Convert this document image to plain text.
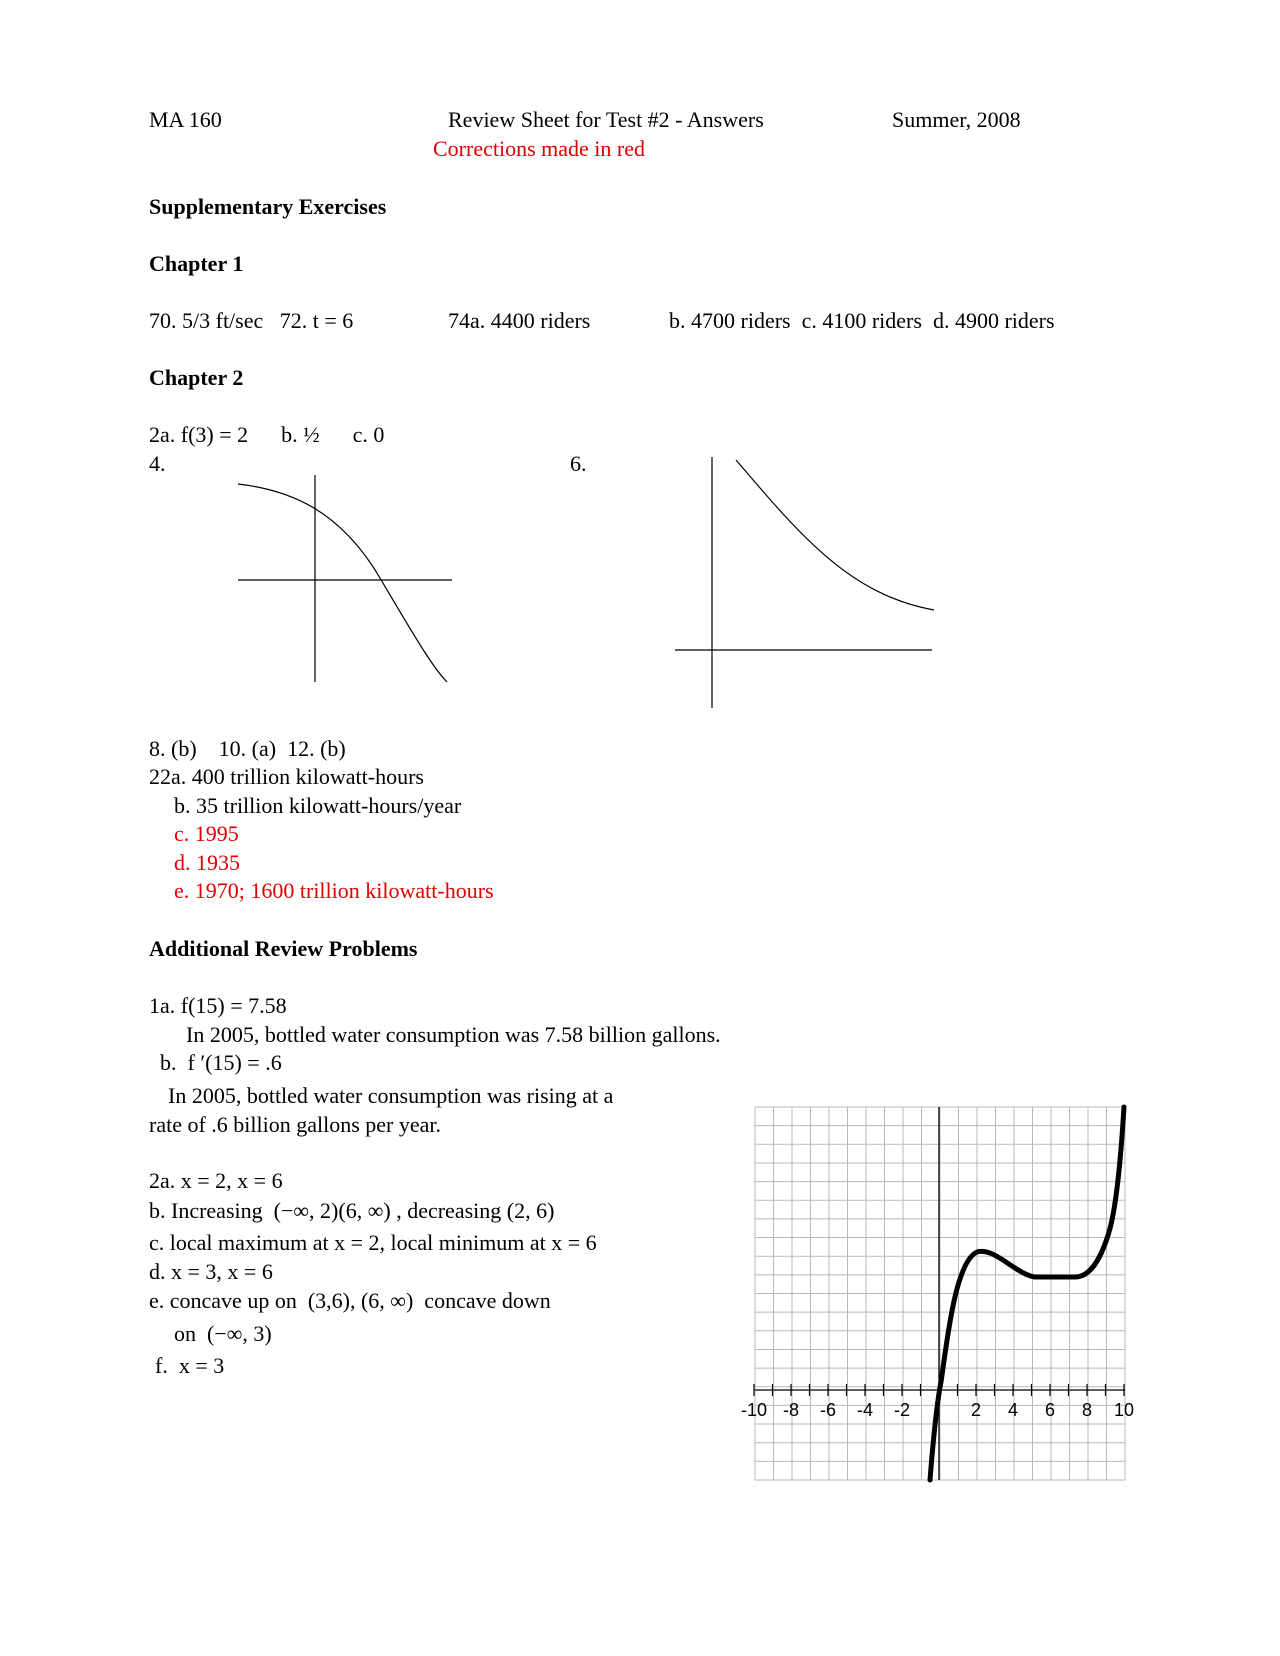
MA 160	Review Sheet for Test #2 - Answers	Summer, 2008
Corrections made in red
Supplementary Exercises
Chapter 1
70. 5/3 ft/sec   72. t = 6	74a. 4400 riders	b. 4700 riders  c. 4100 riders  d. 4900 riders
Chapter 2
2a. f(3) = 2      b. ½      c. 0
4.	6.
8. (b)    10. (a)  12. (b)
22a. 400 trillion kilowatt-hours
b. 35 trillion kilowatt-hours/year
c. 1995
d. 1935
e. 1970; 1600 trillion kilowatt-hours
Additional Review Problems
1a. f(15) = 7.58
In 2005, bottled water consumption was 7.58 billion gallons.
b.  f ′(15) = .6
In 2005, bottled water consumption was rising at a
rate of .6 billion gallons per year.
2a. x = 2, x = 6
b. Increasing  (−∞, 2)(6, ∞) , decreasing (2, 6)
c. local maximum at x = 2, local minimum at x = 6
d. x = 3, x = 6
e. concave up on  (3,6), (6, ∞)  concave down
on  (−∞, 3)
f.  x = 3
-10 -8 -6 -4 -2	2 4 6 8 10
